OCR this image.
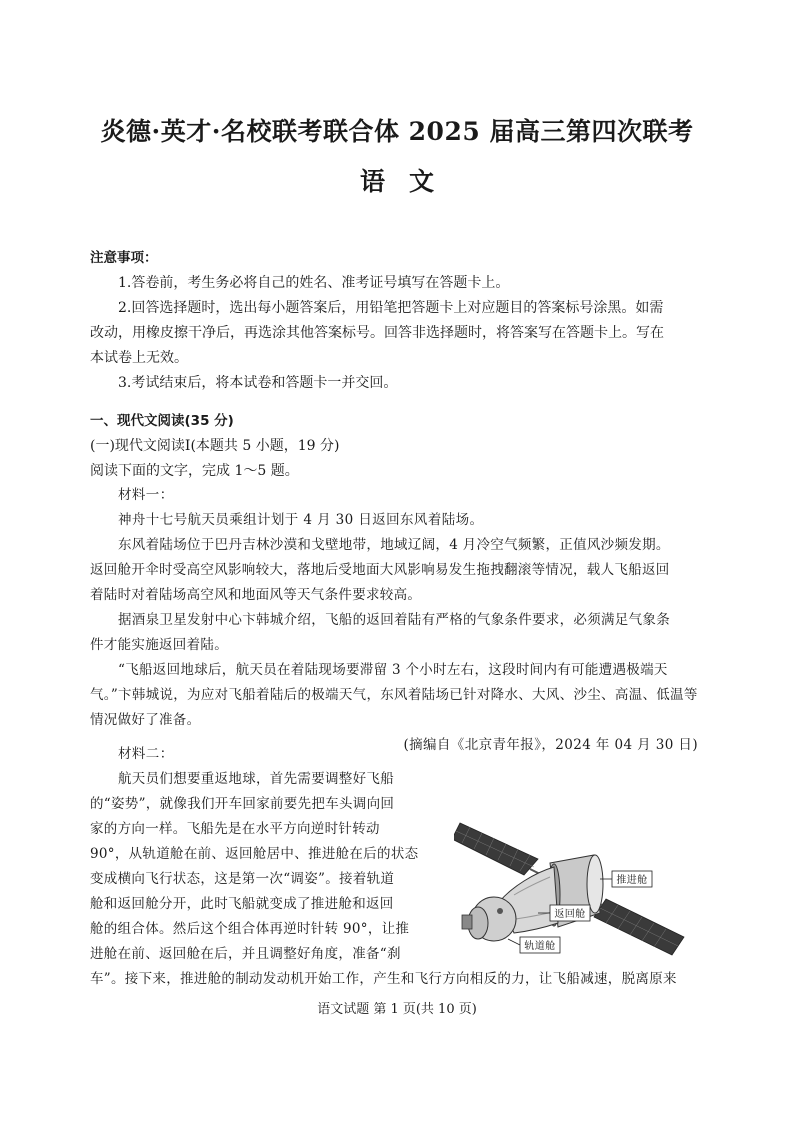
炎德·英才·名校联考联合体 2025 届高三第四次联考
语文

注意事项：

1.答卷前，考生务必将自己的姓名、准考证号填写在答题卡上。

2.回答选择题时，选出每小题答案后，用铅笔把答题卡上对应题目的答案标号涂黑。如需

改动，用橡皮擦干净后，再选涂其他答案标号。回答非选择题时，将答案写在答题卡上。写在

本试卷上无效。

3.考试结束后，将本试卷和答题卡一并交回。

一、现代文阅读(35 分)

(一)现代文阅读Ⅰ(本题共 5 小题，19 分)

阅读下面的文字，完成 1～5 题。

材料一：

神舟十七号航天员乘组计划于 4 月 30 日返回东风着陆场。

东风着陆场位于巴丹吉林沙漠和戈壁地带，地域辽阔，4 月冷空气频繁，正值风沙频发期。

返回舱开伞时受高空风影响较大，落地后受地面大风影响易发生拖拽翻滚等情况，载人飞船返回

着陆时对着陆场高空风和地面风等天气条件要求较高。

据酒泉卫星发射中心卞韩城介绍，飞船的返回着陆有严格的气象条件要求，必须满足气象条

件才能实施返回着陆。

“飞船返回地球后，航天员在着陆现场要滞留 3 个小时左右，这段时间内有可能遭遇极端天

气。”卞韩城说，为应对飞船着陆后的极端天气，东风着陆场已针对降水、大风、沙尘、高温、低温等

情况做好了准备。

(摘编自《北京青年报》，2024 年 04 月 30 日)

材料二：

航天员们想要重返地球，首先需要调整好飞船

的“姿势”，就像我们开车回家前要先把车头调向回

家的方向一样。飞船先是在水平方向逆时针转动

90°，从轨道舱在前、返回舱居中、推进舱在后的状态

变成横向飞行状态，这是第一次“调姿”。接着轨道

舱和返回舱分开，此时飞船就变成了推进舱和返回

舱的组合体。然后这个组合体再逆时针转 90°，让推

进舱在前、返回舱在后，并且调整好角度，准备“刹

推进舱
返回舱
轨道舱

车”。接下来，推进舱的制动发动机开始工作，产生和飞行方向相反的力，让飞船减速，脱离原来

语文试题 第 1 页(共 10 页)
